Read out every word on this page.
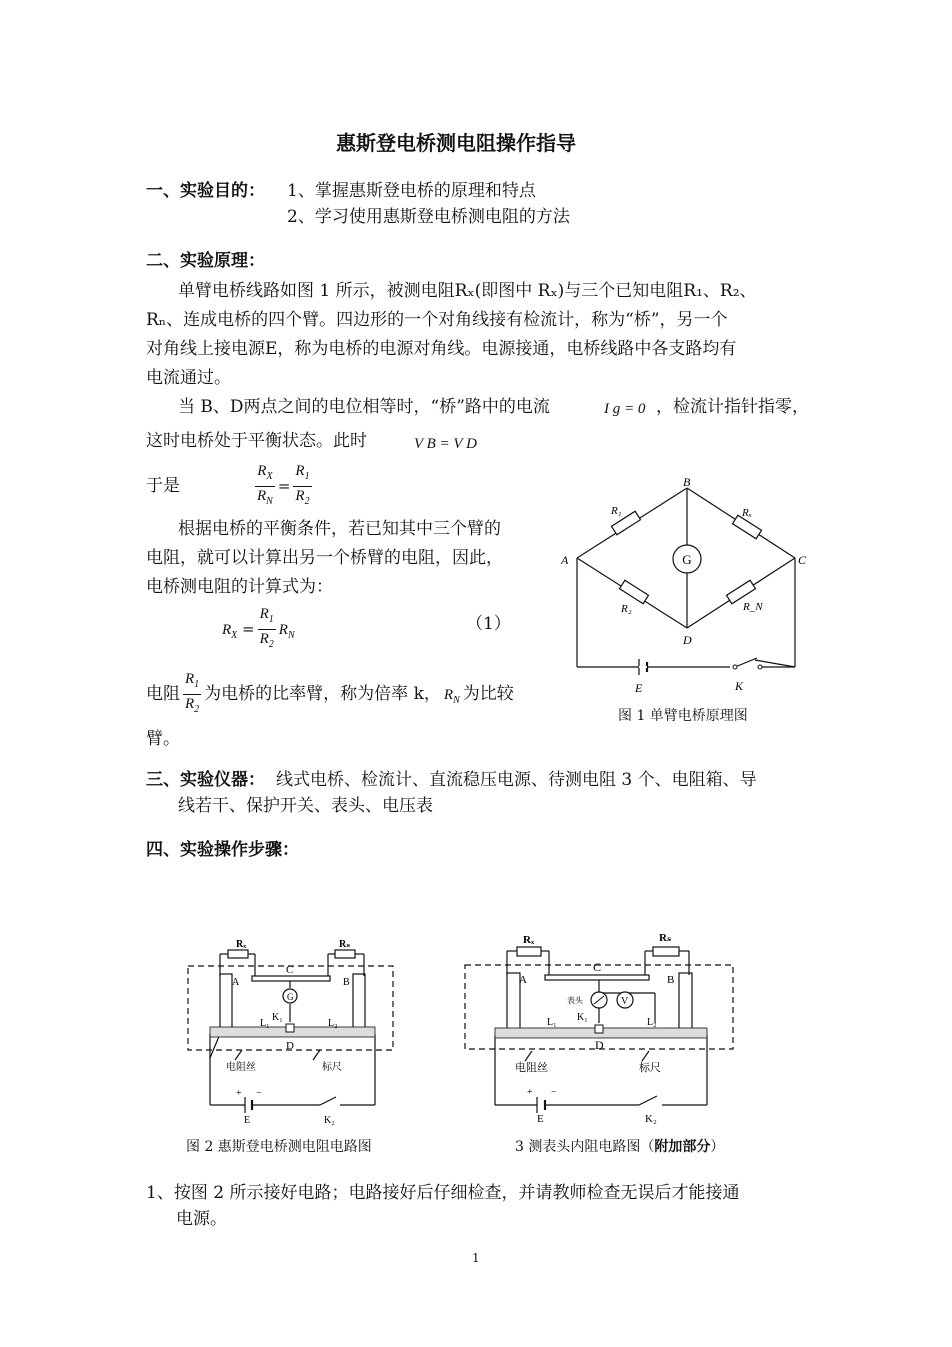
惠斯登电桥测电阻操作指导
一、实验目的： 1、掌握惠斯登电桥的原理和特点
2、学习使用惠斯登电桥测电阻的方法
二、实验原理：
单臂电桥线路如图 1 所示，被测电阻Rₓ(即图中 Rₓ)与三个已知电阻R₁、R₂、
Rₙ、连成电桥的四个臂。四边形的一个对角线接有检流计，称为“桥”，另一个
对角线上接电源E，称为电桥的电源对角线。电源接通，电桥线路中各支路均有
电流通过。
当 B、D两点之间的电位相等时，“桥”路中的电流	I g = 0 ，检流计指针指零，
这时电桥处于平衡状态。此时	V B = V D
于是	$\frac{R_X}{R_N} = \frac{R_1}{R_2}$
根据电桥的平衡条件，若已知其中三个臂的
电阻，就可以计算出另一个桥臂的电阻，因此，
电桥测电阻的计算式为：
$R_X = \frac{R_1}{R_2} R_N$
（1）
电阻 $\frac{R_1}{R_2}$ 为电桥的比率臂，称为倍率 k， $R_N$ 为比较
臂。
G
B
A	C
D
E	K
R₁	Rₓ
R₂	R_N
图 1 单臂电桥原理图
三、实验仪器： 线式电桥、检流计、直流稳压电源、待测电阻 3 个、电阻箱、导
线若干、保护开关、表头、电压表
四、实验操作步骤：
Rₓ	Rₛ
C
A	B
G
K₁
L₁	L₂
D
电阻丝	标尺
+ −
E	K₂
图 2 惠斯登电桥测电阻电路图
Rₓ	Rₛ
C
A	B
表头	V
K₁
L₁	L₂
D
电阻丝	标尺
+ −
E	K₂
3 测表头内阻电路图（附加部分）
1、按图 2 所示接好电路；电路接好后仔细检查，并请教师检查无误后才能接通
电源。
1
